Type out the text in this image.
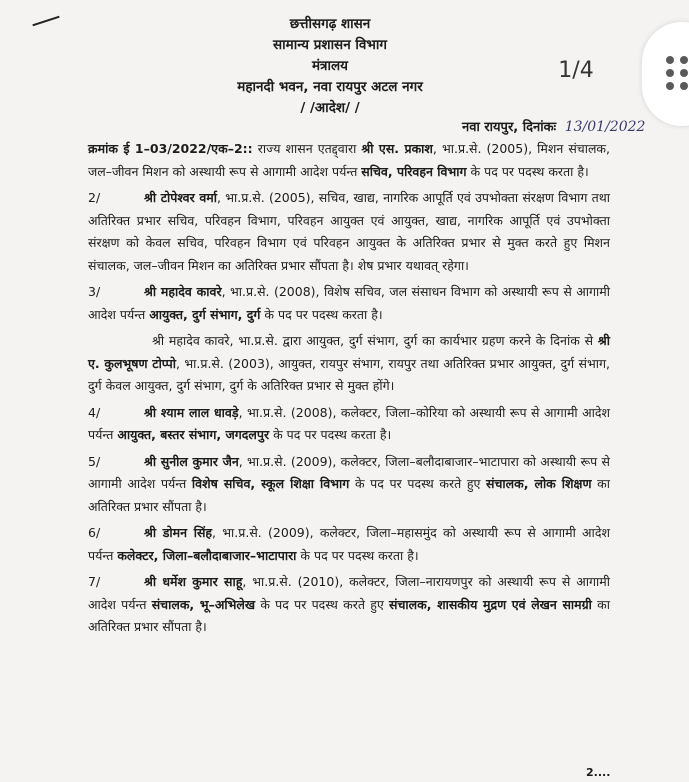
छत्तीसगढ़ शासन
सामान्य प्रशासन विभाग
मंत्रालय
महानदी भवन, नवा रायपुर अटल नगर
/ /आदेश/ /
1/4
नवा रायपुर, दिनांकः 13/01/2022

क्रमांक ई 1–03/2022/एक–2:: राज्य शासन एतद्द्वारा श्री एस. प्रकाश, भा.प्र.से. (2005), मिशन संचालक, जल–जीवन मिशन को अस्थायी रूप से आगामी आदेश पर्यन्त सचिव, परिवहन विभाग के पद पर पदस्थ करता है।

2/	श्री टोपेश्वर वर्मा, भा.प्र.से. (2005), सचिव, खाद्य, नागरिक आपूर्ति एवं उपभोक्ता संरक्षण विभाग तथा अतिरिक्त प्रभार सचिव, परिवहन विभाग, परिवहन आयुक्त एवं आयुक्त, खाद्य, नागरिक आपूर्ति एवं उपभोक्ता संरक्षण को केवल सचिव, परिवहन विभाग एवं परिवहन आयुक्त के अतिरिक्त प्रभार से मुक्त करते हुए मिशन संचालक, जल–जीवन मिशन का अतिरिक्त प्रभार सौंपता है। शेष प्रभार यथावत् रहेगा।

3/	श्री महादेव कावरे, भा.प्र.से. (2008), विशेष सचिव, जल संसाधन विभाग को अस्थायी रूप से आगामी आदेश पर्यन्त आयुक्त, दुर्ग संभाग, दुर्ग के पद पर पदस्थ करता है।

श्री महादेव कावरे, भा.प्र.से. द्वारा आयुक्त, दुर्ग संभाग, दुर्ग का कार्यभार ग्रहण करने के दिनांक से श्री ए. कुलभूषण टोप्पो, भा.प्र.से. (2003), आयुक्त, रायपुर संभाग, रायपुर तथा अतिरिक्त प्रभार आयुक्त, दुर्ग संभाग, दुर्ग केवल आयुक्त, दुर्ग संभाग, दुर्ग के अतिरिक्त प्रभार से मुक्त होंगे।

4/	श्री श्याम लाल धावड़े, भा.प्र.से. (2008), कलेक्टर, जिला–कोरिया को अस्थायी रूप से आगामी आदेश पर्यन्त आयुक्त, बस्तर संभाग, जगदलपुर के पद पर पदस्थ करता है।

5/	श्री सुनील कुमार जैन, भा.प्र.से. (2009), कलेक्टर, जिला–बलौदाबाजार–भाटापारा को अस्थायी रूप से आगामी आदेश पर्यन्त विशेष सचिव, स्कूल शिक्षा विभाग के पद पर पदस्थ करते हुए संचालक, लोक शिक्षण का अतिरिक्त प्रभार सौंपता है।

6/	श्री डोमन सिंह, भा.प्र.से. (2009), कलेक्टर, जिला–महासमुंद को अस्थायी रूप से आगामी आदेश पर्यन्त कलेक्टर, जिला–बलौदाबाजार–भाटापारा के पद पर पदस्थ करता है।

7/	श्री धर्मेश कुमार साहू, भा.प्र.से. (2010), कलेक्टर, जिला–नारायणपुर को अस्थायी रूप से आगामी आदेश पर्यन्त संचालक, भू–अभिलेख के पद पर पदस्थ करते हुए संचालक, शासकीय मुद्रण एवं लेखन सामग्री का अतिरिक्त प्रभार सौंपता है।

2....
